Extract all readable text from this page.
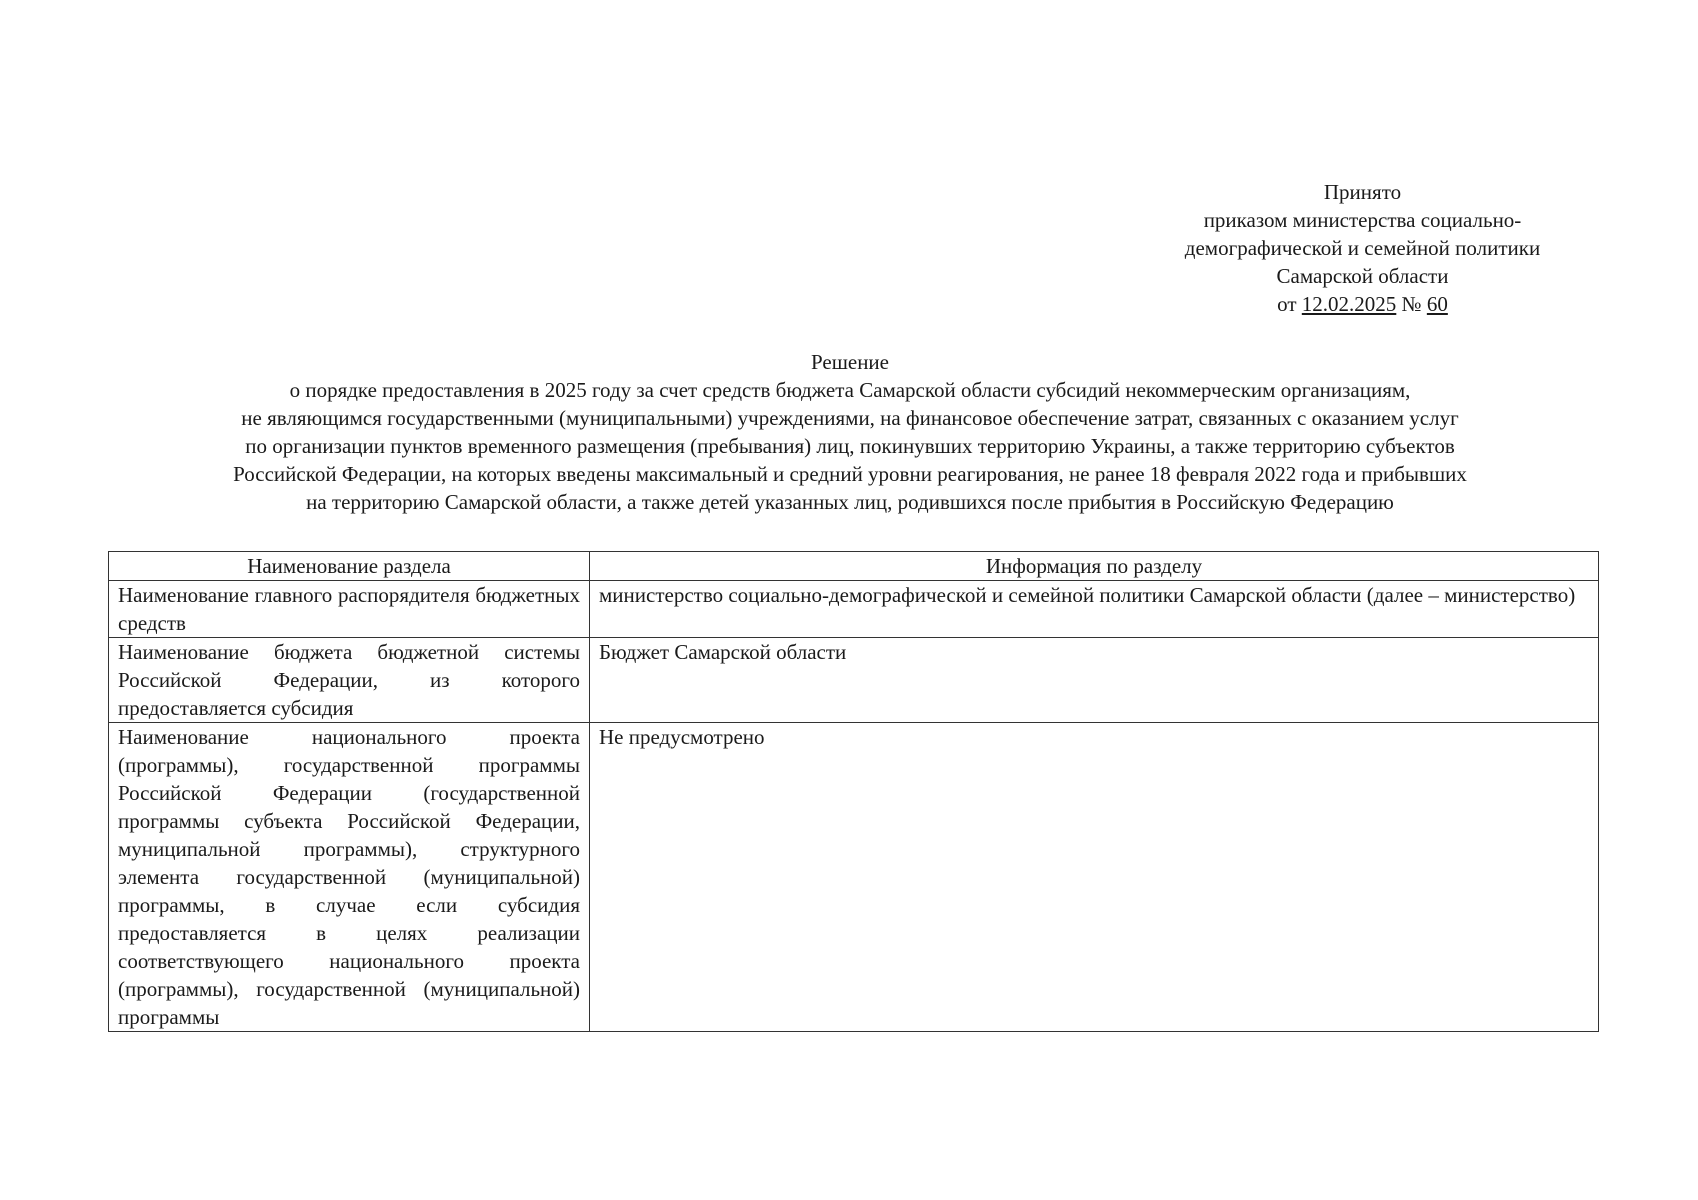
Принято
приказом министерства социально-
демографической и семейной политики
Самарской области
от 12.02.2025 № 60
Решение
о порядке предоставления в 2025 году за счет средств бюджета Самарской области субсидий некоммерческим организациям,
не являющимся государственными (муниципальными) учреждениями, на финансовое обеспечение затрат, связанных с оказанием услуг
по организации пунктов временного размещения (пребывания) лиц, покинувших территорию Украины, а также территорию субъектов
Российской Федерации, на которых введены максимальный и средний уровни реагирования, не ранее 18 февраля 2022 года и прибывших
на территорию Самарской области, а также детей указанных лиц, родившихся после прибытия в Российскую Федерацию
Наименование раздела	Информация по разделу
Наименование главного распорядителя бюджетных средств	министерство социально-демографической и семейной политики Самарской области (далее – министерство)
Наименование бюджета бюджетной системы Российской Федерации, из которого предоставляется субсидия	Бюджет Самарской области
Наименование национального проекта (программы), государственной программы Российской Федерации (государственной программы субъекта Российской Федерации, муниципальной программы), структурного элемента государственной (муниципальной) программы, в случае если субсидия предоставляется в целях реализации соответствующего национального проекта (программы), государственной (муниципальной) программы	Не предусмотрено
